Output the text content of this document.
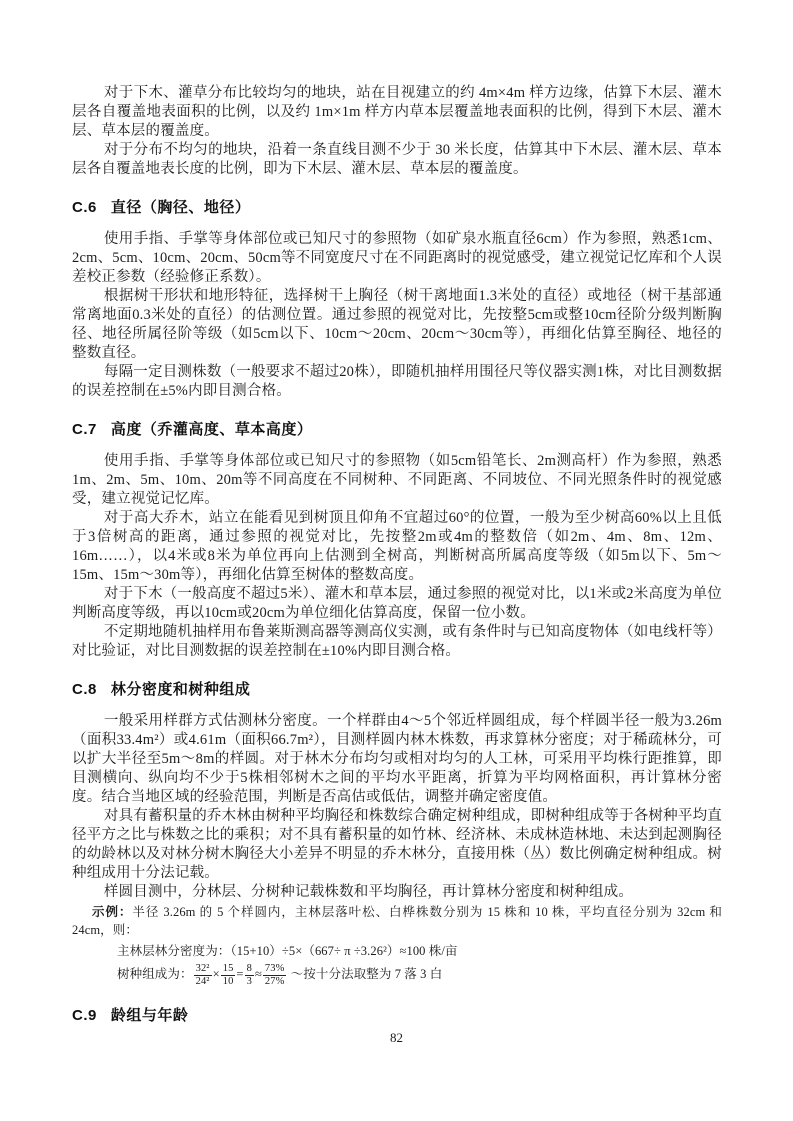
对于下木、灌草分布比较均匀的地块，站在目视建立的约 4m×4m 样方边缘，估算下木层、灌木层各自覆盖地表面积的比例，以及约 1m×1m 样方内草本层覆盖地表面积的比例，得到下木层、灌木层、草本层的覆盖度。

对于分布不均匀的地块，沿着一条直线目测不少于 30 米长度，估算其中下木层、灌木层、草本层各自覆盖地表长度的比例，即为下木层、灌木层、草本层的覆盖度。

C.6 直径（胸径、地径）

使用手指、手掌等身体部位或已知尺寸的参照物（如矿泉水瓶直径6cm）作为参照，熟悉1cm、2cm、5cm、10cm、20cm、50cm等不同宽度尺寸在不同距离时的视觉感受，建立视觉记忆库和个人误差校正参数（经验修正系数）。

根据树干形状和地形特征，选择树干上胸径（树干离地面1.3米处的直径）或地径（树干基部通常离地面0.3米处的直径）的估测位置。通过参照的视觉对比，先按整5cm或整10cm径阶分级判断胸径、地径所属径阶等级（如5cm以下、10cm～20cm、20cm～30cm等），再细化估算至胸径、地径的整数直径。

每隔一定目测株数（一般要求不超过20株），即随机抽样用围径尺等仪器实测1株，对比目测数据的误差控制在±5%内即目测合格。

C.7 高度（乔灌高度、草本高度）

使用手指、手掌等身体部位或已知尺寸的参照物（如5cm铅笔长、2m测高杆）作为参照，熟悉1m、2m、5m、10m、20m等不同高度在不同树种、不同距离、不同坡位、不同光照条件时的视觉感受，建立视觉记忆库。

对于高大乔木，站立在能看见到树顶且仰角不宜超过60°的位置，一般为至少树高60%以上且低于3倍树高的距离，通过参照的视觉对比，先按整2m或4m的整数倍（如2m、4m、8m、12m、16m……），以4米或8米为单位再向上估测到全树高，判断树高所属高度等级（如5m以下、5m～15m、15m～30m等），再细化估算至树体的整数高度。

对于下木（一般高度不超过5米）、灌木和草本层，通过参照的视觉对比，以1米或2米高度为单位判断高度等级，再以10cm或20cm为单位细化估算高度，保留一位小数。

不定期地随机抽样用布鲁莱斯测高器等测高仪实测，或有条件时与已知高度物体（如电线杆等）对比验证，对比目测数据的误差控制在±10%内即目测合格。

C.8 林分密度和树种组成

一般采用样群方式估测林分密度。一个样群由4～5个邻近样圆组成，每个样圆半径一般为3.26m（面积33.4m²）或4.61m（面积66.7m²），目测样圆内林木株数，再求算林分密度；对于稀疏林分，可以扩大半径至5m～8m的样圆。对于林木分布均匀或相对均匀的人工林，可采用平均株行距推算，即目测横向、纵向均不少于5株相邻树木之间的平均水平距离，折算为平均网格面积，再计算林分密度。结合当地区域的经验范围，判断是否高估或低估，调整并确定密度值。

对具有蓄积量的乔木林由树种平均胸径和株数综合确定树种组成，即树种组成等于各树种平均直径平方之比与株数之比的乘积；对不具有蓄积量的如竹林、经济林、未成林造林地、未达到起测胸径的幼龄林以及对林分树木胸径大小差异不明显的乔木林分，直接用株（丛）数比例确定树种组成。树种组成用十分法记载。

样圆目测中，分林层、分树种记载株数和平均胸径，再计算林分密度和树种组成。

示例：半径 3.26m 的 5 个样圆内，主林层落叶松、白桦株数分别为 15 株和 10 株，平均直径分别为 32cm 和 24cm，则：

主林层林分密度为：（15+10）÷5×（667÷ π ÷3.26²）≈100 株/亩

树种组成为： $\frac{\text{32²}}{\text{24²}} \times \frac{15}{10} = \frac{8}{3} \approx \frac{73\%}{27\%}$ ～按十分法取整为 7 落 3 白

C.9 龄组与年龄
82
